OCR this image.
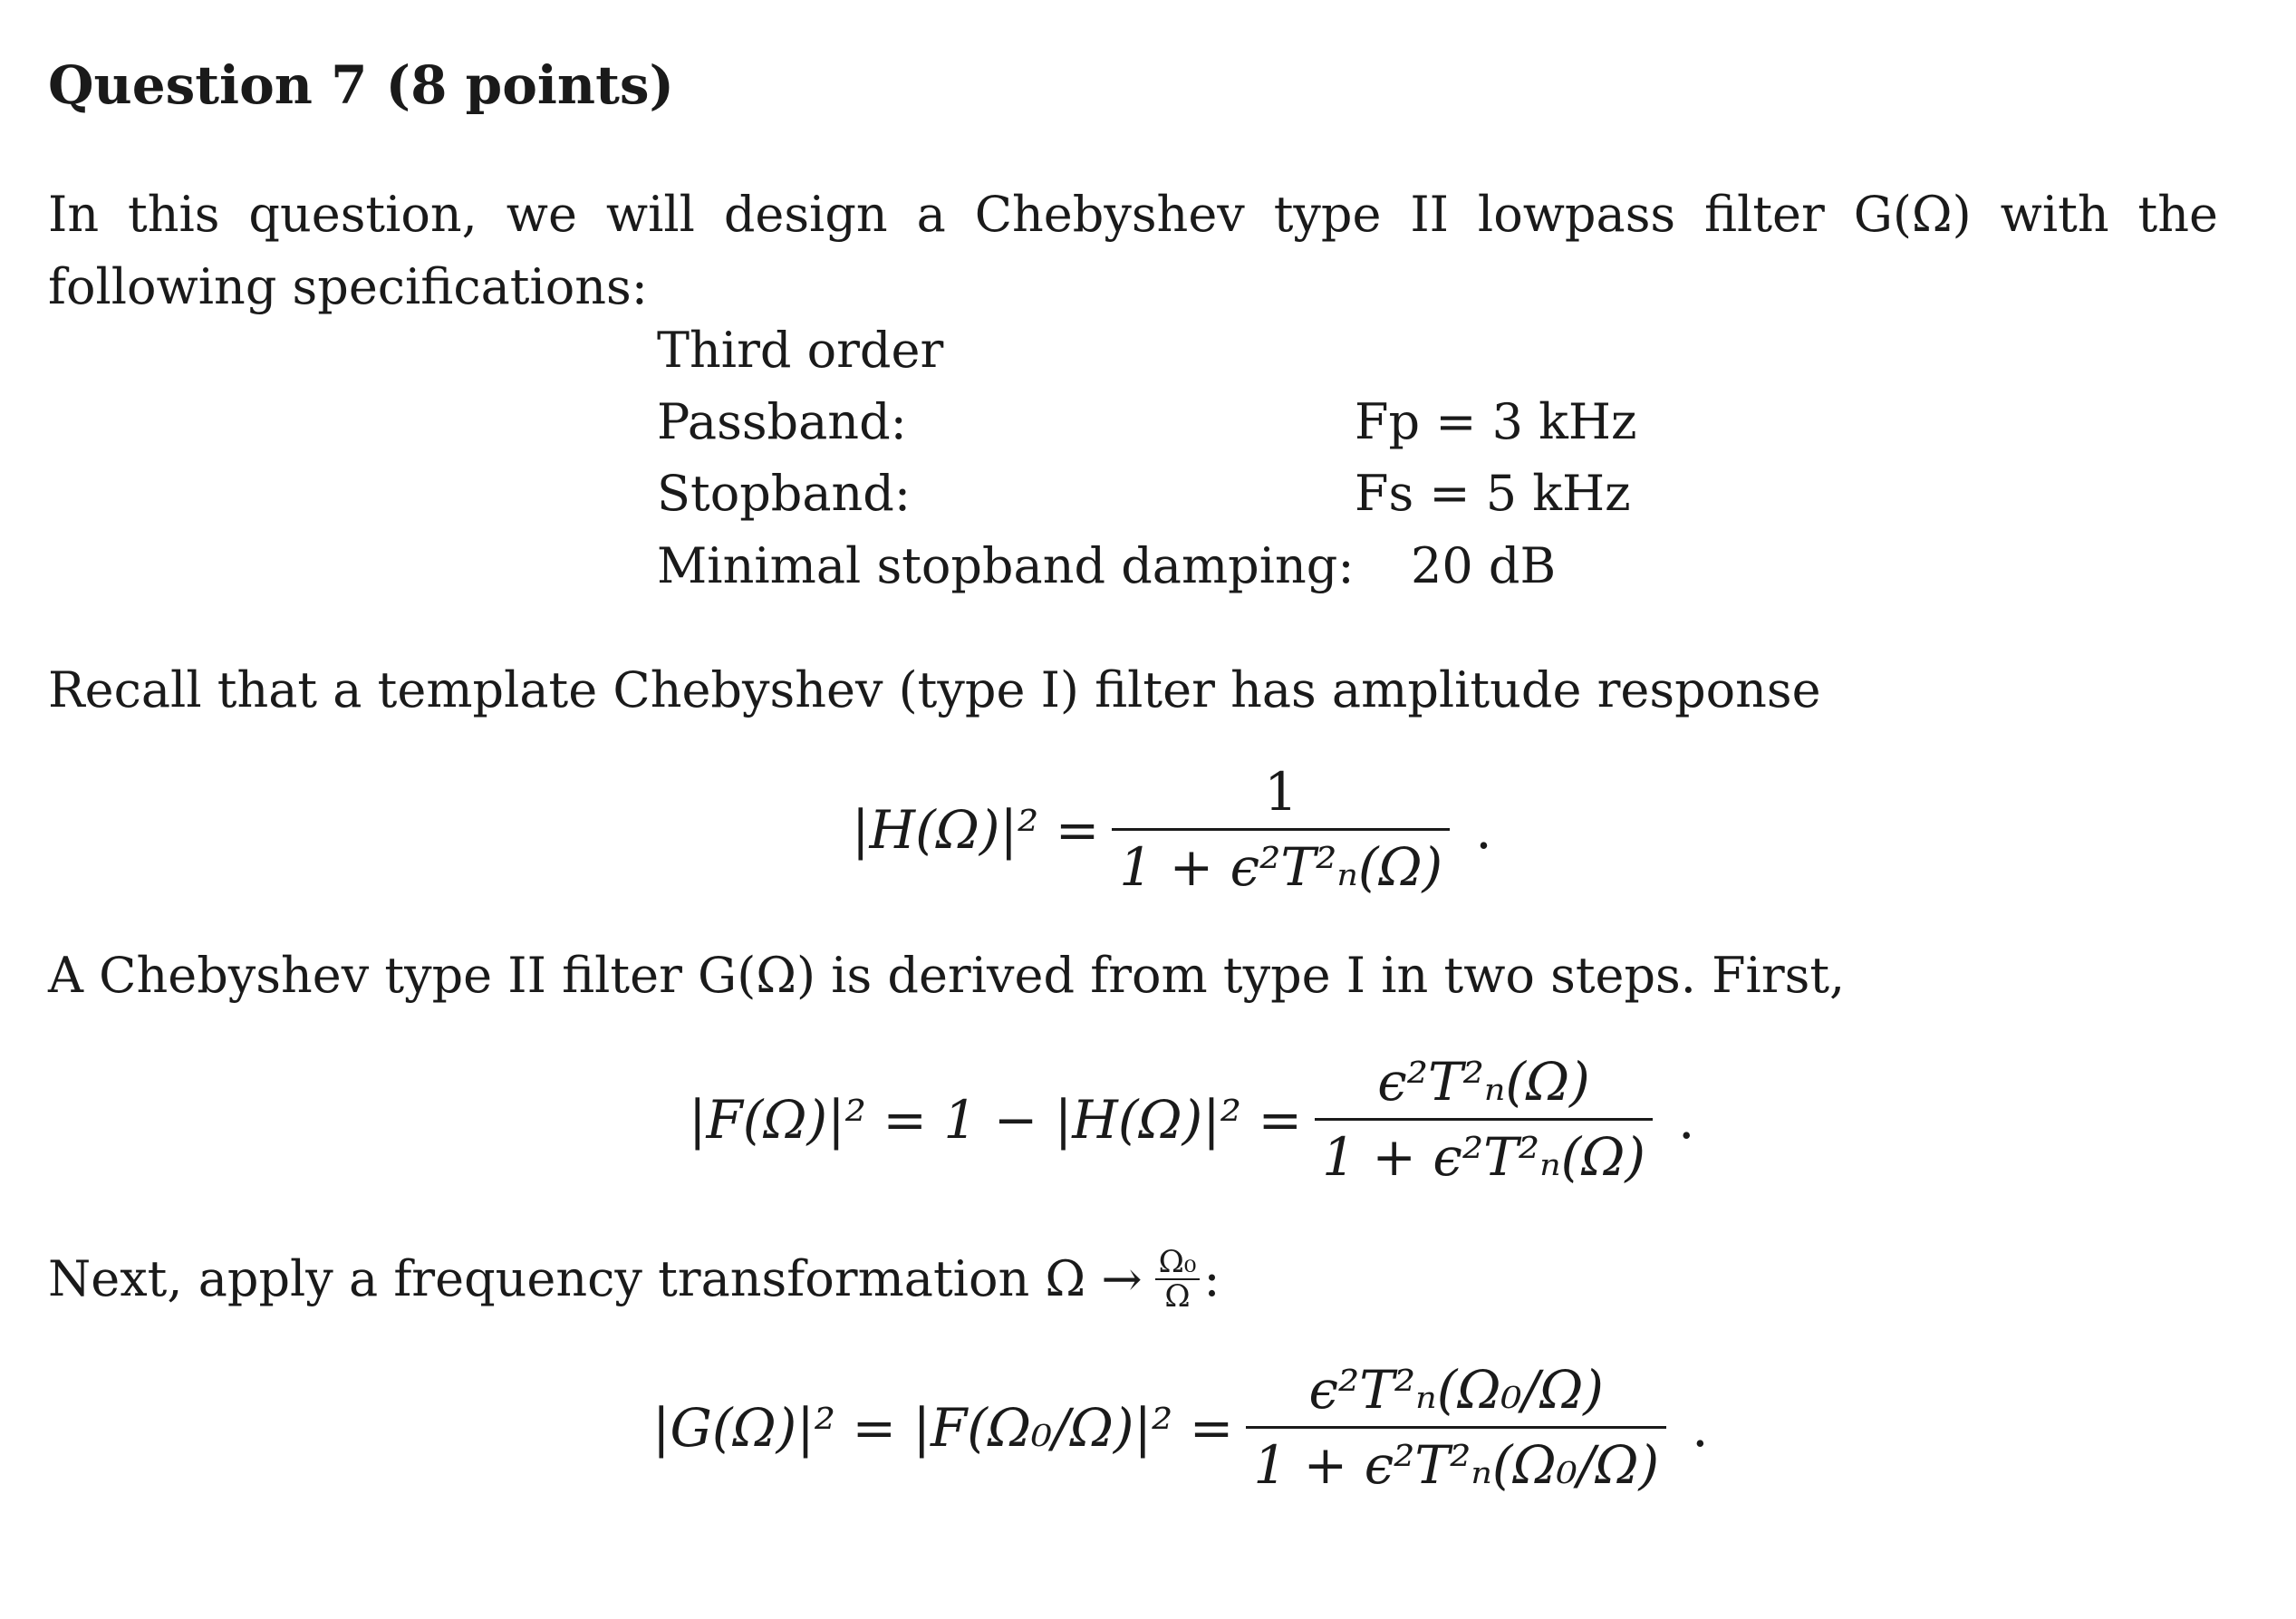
Question 7 (8 points)
In this question, we will design a Chebyshev type II lowpass filter G(Ω) with the following specifications:
Third order
Passband:	Fp = 3 kHz
Stopband:	Fs = 5 kHz
Minimal stopband damping: 20 dB
Recall that a template Chebyshev (type I) filter has amplitude response
$|H(\Omega)|^2 = \frac{1}{\text{1 + ϵ²T²ₙ(Ω)}}$ .
A Chebyshev type II filter G(Ω) is derived from type I in two steps. First,
$|F(\Omega)|^2 = 1 - |H(\Omega)|^2 = \frac{\text{ϵ²T²ₙ(Ω)}}{\text{1 + ϵ²T²ₙ(Ω)}}$ .
Next, apply a frequency transformation $\Omega \to \frac{\text{Ω₀}}{\Omega}$ :
$|G(\Omega)|^2 = |F(\Omega_0/\Omega)|^2 = \frac{\text{ϵ²T²ₙ(Ω₀/Ω)}}{\text{1 + ϵ²T²ₙ(Ω₀/Ω)}}$ .
